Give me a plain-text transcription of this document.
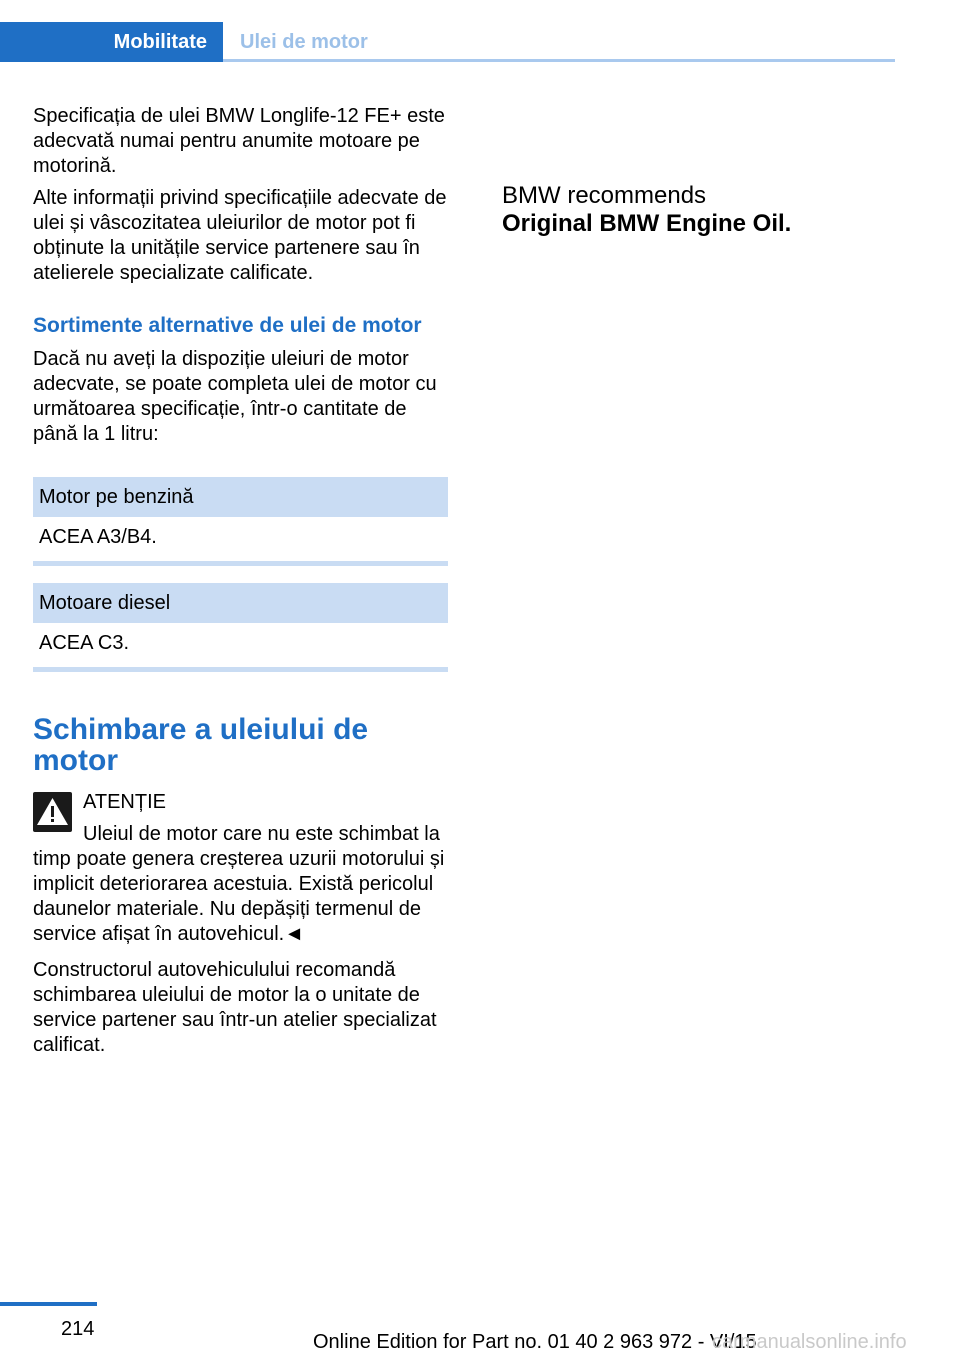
Mobilitate Ulei de motor

Specificația de ulei BMW Longlife-12 FE+ este adecvată numai pentru anumite motoare pe motorină.

Alte informații privind specificațiile adecvate de ulei și vâscozitatea uleiurilor de motor pot fi obținute la unitățile service partenere sau în atelierele specializate calificate.

Sortimente alternative de ulei de motor

Dacă nu aveți la dispoziție uleiuri de motor adecvate, se poate completa ulei de motor cu următoarea specificație, într-o cantitate de până la 1 litru:

Motor pe benzină
ACEA A3/B4.
Motoare diesel
ACEA C3.

Schimbare a uleiului de motor

ATENȚIE

Uleiul de motor care nu este schimbat la timp poate genera creșterea uzurii motorului și implicit deteriorarea acestuia. Există pericolul daunelor materiale. Nu depășiți termenul de service afișat în autovehicul.◄

Constructorul autovehiculului recomandă schimbarea uleiului de motor la o unitate de service partener sau într-un atelier specializat calificat.

BMW recommends
Original BMW Engine Oil.
214
Online Edition for Part no. 01 40 2 963 972 - VI/15
carmanualsonline.info
